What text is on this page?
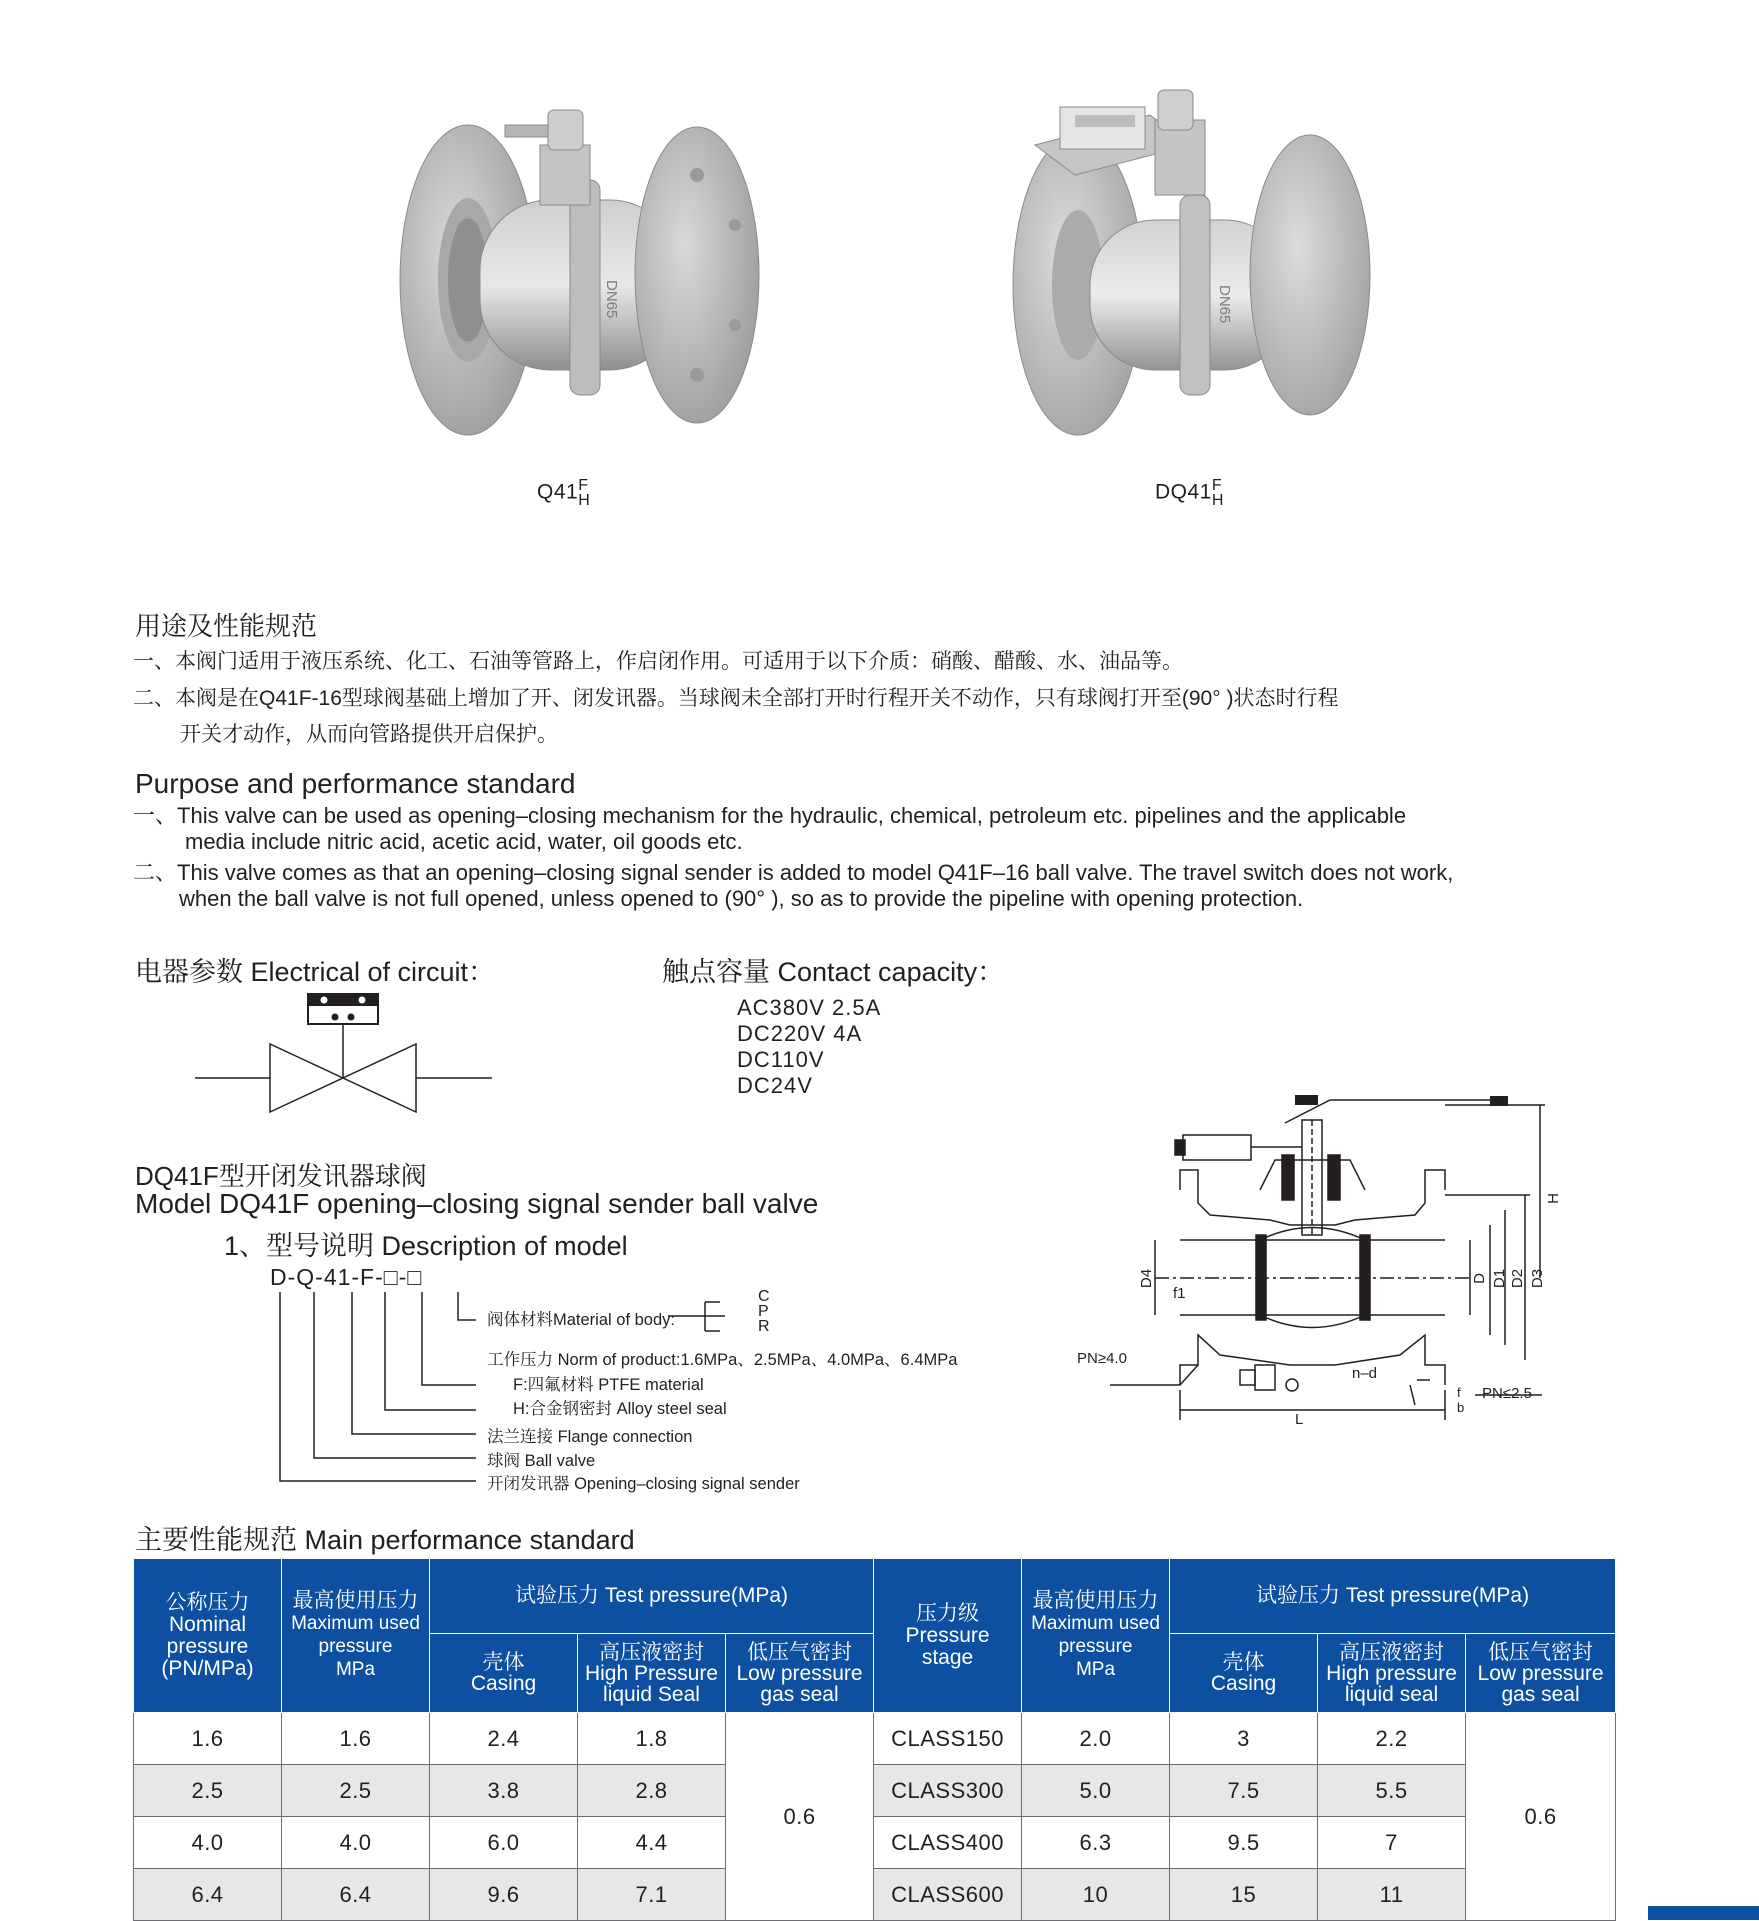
DN65	DN65
Q41F
H	DQ41F
H
用途及性能规范
一、本阀门适用于液压系统、化工、石油等管路上，作启闭作用。可适用于以下介质：硝酸、醋酸、水、油品等。
二、本阀是在Q41F-16型球阀基础上增加了开、闭发讯器。当球阀未全部打开时行程开关不动作，只有球阀打开至(90° )状态时行程
开关才动作，从而向管路提供开启保护。
Purpose and performance standard
一、This valve can be used as opening–closing mechanism for the hydraulic, chemical, petroleum etc. pipelines and the applicable
media include nitric acid, acetic acid, water, oil goods etc.
二、This valve comes as that an opening–closing signal sender is added to model Q41F–16 ball valve. The travel switch does not work,
when the ball valve is not full opened, unless opened to (90° ), so as to provide the pipeline with opening protection.
电器参数 Electrical of circuit：	触点容量 Contact capacity：
AC380V 2.5A
DC220V 4A
DC110V
DC24V
DQ41F型开闭发讯器球阀
Model DQ41F opening–closing signal sender ball valve
1、型号说明 Description of model
D-Q-41-F-□-□
C
P
R
阀体材料Material of body:
工作压力 Norm of product:1.6MPa、2.5MPa、4.0MPa、6.4MPa
F:四氟材料 PTFE material
H:合金钢密封 Alloy steel seal
法兰连接 Flange connection
球阀 Ball valve
开闭发讯器 Opening–closing signal sender
H
D D1 D2 D3
D4
f1
PN≥4.0
PN≤2.5
n–d
L
f
b
主要性能规范 Main performance standard
公称压力
Nominal
pressure
(PN/MPa)	最高使用压力
Maximum used
pressure
MPa	试验压力 Test pressure(MPa)			压力级
Pressure
stage	最高使用压力
Maximum used
pressure
MPa	试验压力 Test pressure(MPa)		
		壳体
Casing	高压液密封
High Pressure
liquid Seal	低压气密封
Low pressure
gas seal			壳体
Casing	高压液密封
High pressure
liquid seal	低压气密封
Low pressure
gas seal
1.6	1.6	2.4	1.8	0.6	CLASS150	2.0	3	2.2	0.6
2.5	2.5	3.8	2.8		CLASS300	5.0	7.5	5.5	
4.0	4.0	6.0	4.4		CLASS400	6.3	9.5	7	
6.4	6.4	9.6	7.1		CLASS600	10	15	11	
